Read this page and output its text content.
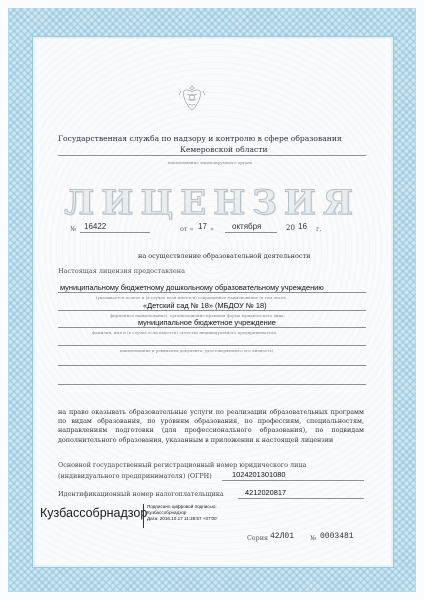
Государственная служба по надзору и контролю в сфере образования
Кемеровской области
наименование лицензирующего органа
ЛИЦЕНЗИЯ
№ 16422	от « 17 » октября	20 16 г.
на осуществление образовательной деятельности
Настоящая лицензия предоставлена
муниципальному бюджетному дошкольному образовательному учреждению
(указывается полное и (в случае если имеется) сокращенное наименование (в том числе
«Детский сад № 18» (МБДОУ № 18)
фирменное наименование), организационно-правовая форма юридического лица,
муниципальное бюджетное учреждение
фамилия, имя и (в случае если имеется) отчество индивидуального предпринимателя,
наименование и реквизиты документа, удостоверяющего его личность)
на право оказывать образовательные услуги по реализации образовательных программ по видам образования, по уровням образования, по профессиям, специальностям, направлениям подготовки (для профессионального образования), по подвидам дополнительного образования, указанным в приложении к настоящей лицензии
Основной государственный регистрационный номер юридического лица
(индивидуального предпринимателя) (ОГРН)	1024201301080
Идентификационный номер налогоплательщика	4212020817
Кузбассобрнадзор Подписано цифровой подписью:
Кузбассобрнадзор
Дата: 2016.10.17 11:38:57 +07'00'
Серия 42Л01 № 0003481
